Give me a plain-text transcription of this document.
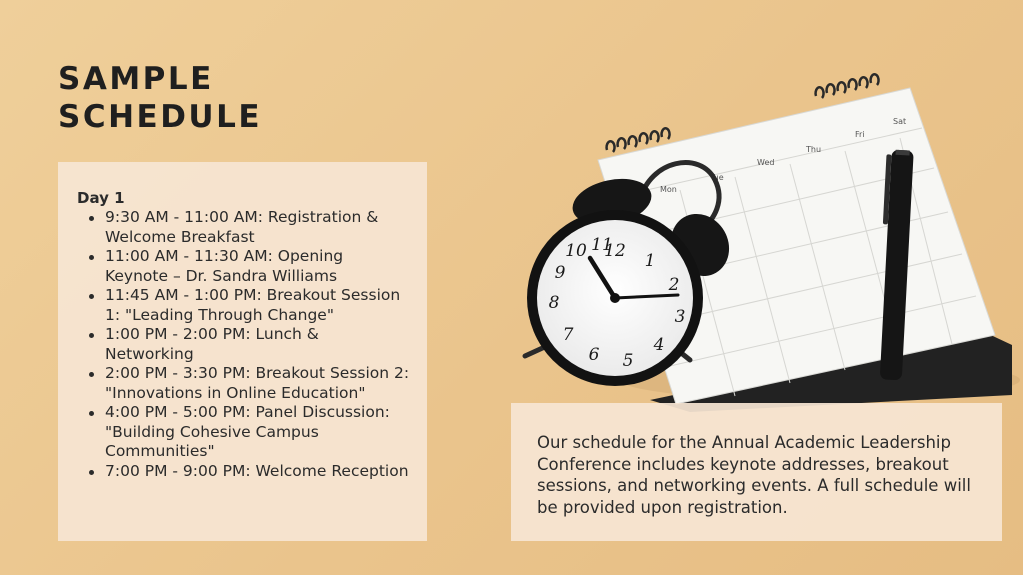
SAMPLE
SCHEDULE
Mon
Tue
Wed
Thu
Fri
Sat
12 1
2
3
4
5
6
7
8
9
10 11

Day 1

9:30 AM - 11:00 AM: Registration & Welcome Breakfast
11:00 AM - 11:30 AM: Opening Keynote – Dr. Sandra Williams
11:45 AM - 1:00 PM: Breakout Session 1: "Leading Through Change"
1:00 PM - 2:00 PM: Lunch & Networking
2:00 PM - 3:30 PM: Breakout Session 2: "Innovations in Online Education"
4:00 PM - 5:00 PM: Panel Discussion: "Building Cohesive Campus Communities"
7:00 PM - 9:00 PM: Welcome Reception

Our schedule for the Annual Academic Leadership Conference includes keynote addresses, breakout sessions, and networking events. A full schedule will be provided upon registration.
